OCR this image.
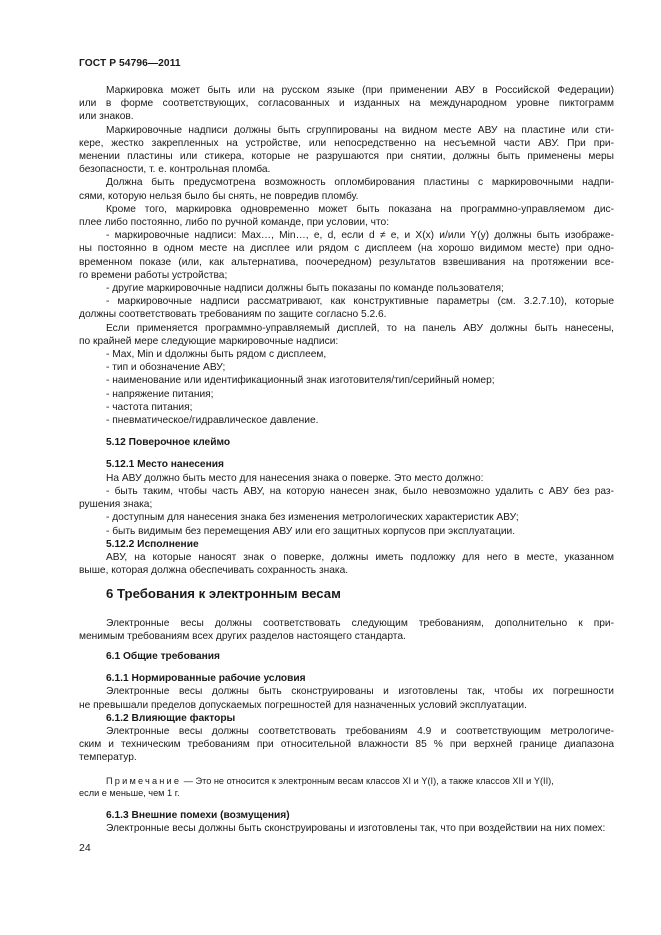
ГОСТ Р 54796—2011

Маркировка может быть или на русском языке (при применении АВУ в Российской Федерации)
или в форме соответствующих, согласованных и изданных на международном уровне пиктограмм
или знаков.

Маркировочные надписи должны быть сгруппированы на видном месте АВУ на пластине или сти-
кере, жестко закрепленных на устройстве, или непосредственно на несъемной части АВУ. При при-
менении пластины или стикера, которые не разрушаются при снятии, должны быть применены меры
безопасности, т. е. контрольная пломба.

Должна быть предусмотрена возможность опломбирования пластины с маркировочными надпи-
сями, которую нельзя было бы снять, не повредив пломбу.

Кроме того, маркировка одновременно может быть показана на программно-управляемом дис-
плее либо постоянно, либо по ручной команде, при условии, что:

- маркировочные надписи: Max…, Min…, e, d, если d ≠ e, и X(x) и/или Y(y) должны быть изображе-
ны постоянно в одном месте на дисплее или рядом с дисплеем (на хорошо видимом месте) при одно-
временном показе (или, как альтернатива, поочередном) результатов взвешивания на протяжении все-
го времени работы устройства;

- другие маркировочные надписи должны быть показаны по команде пользователя;

- маркировочные надписи рассматривают, как конструктивные параметры (см. 3.2.7.10), которые
должны соответствовать требованиям по защите согласно 5.2.6.

Если применяется программно-управляемый дисплей, то на панель АВУ должны быть нанесены,
по крайней мере следующие маркировочные надписи:

- Max, Min и dдолжны быть рядом с дисплеем,

- тип и обозначение АВУ;

- наименование или идентификационный знак изготовителя/тип/серийный номер;

- напряжение питания;

- частота питания;

- пневматическое/гидравлическое давление.

5.12 Поверочное клеймо

5.12.1 Место нанесения

На АВУ должно быть место для нанесения знака о поверке. Это место должно:

- быть таким, чтобы часть АВУ, на которую нанесен знак, было невозможно удалить с АВУ без раз-
рушения знака;

- доступным для нанесения знака без изменения метрологических характеристик АВУ;

- быть видимым без перемещения АВУ или его защитных корпусов при эксплуатации.

5.12.2 Исполнение

АВУ, на которые наносят знак о поверке, должны иметь подложку для него в месте, указанном
выше, которая должна обеспечивать сохранность знака.

6 Требования к электронным весам

Электронные весы должны соответствовать следующим требованиям, дополнительно к при-
менимым требованиям всех других разделов настоящего стандарта.

6.1 Общие требования

6.1.1 Нормированные рабочие условия

Электронные весы должны быть сконструированы и изготовлены так, чтобы их погрешности
не превышали пределов допускаемых погрешностей для назначенных условий эксплуатации.

6.1.2 Влияющие факторы

Электронные весы должны соответствовать требованиям 4.9 и соответствующим метрологиче-
ским и техническим требованиям при относительной влажности 85 % при верхней границе диапазона
температур.

Примечание — Это не относится к электронным весам классов XI и Y(I), а также классов XII и Y(II),
если e меньше, чем 1 г.

6.1.3 Внешние помехи (возмущения)

Электронные весы должны быть сконструированы и изготовлены так, что при воздействии на них помех:

24
